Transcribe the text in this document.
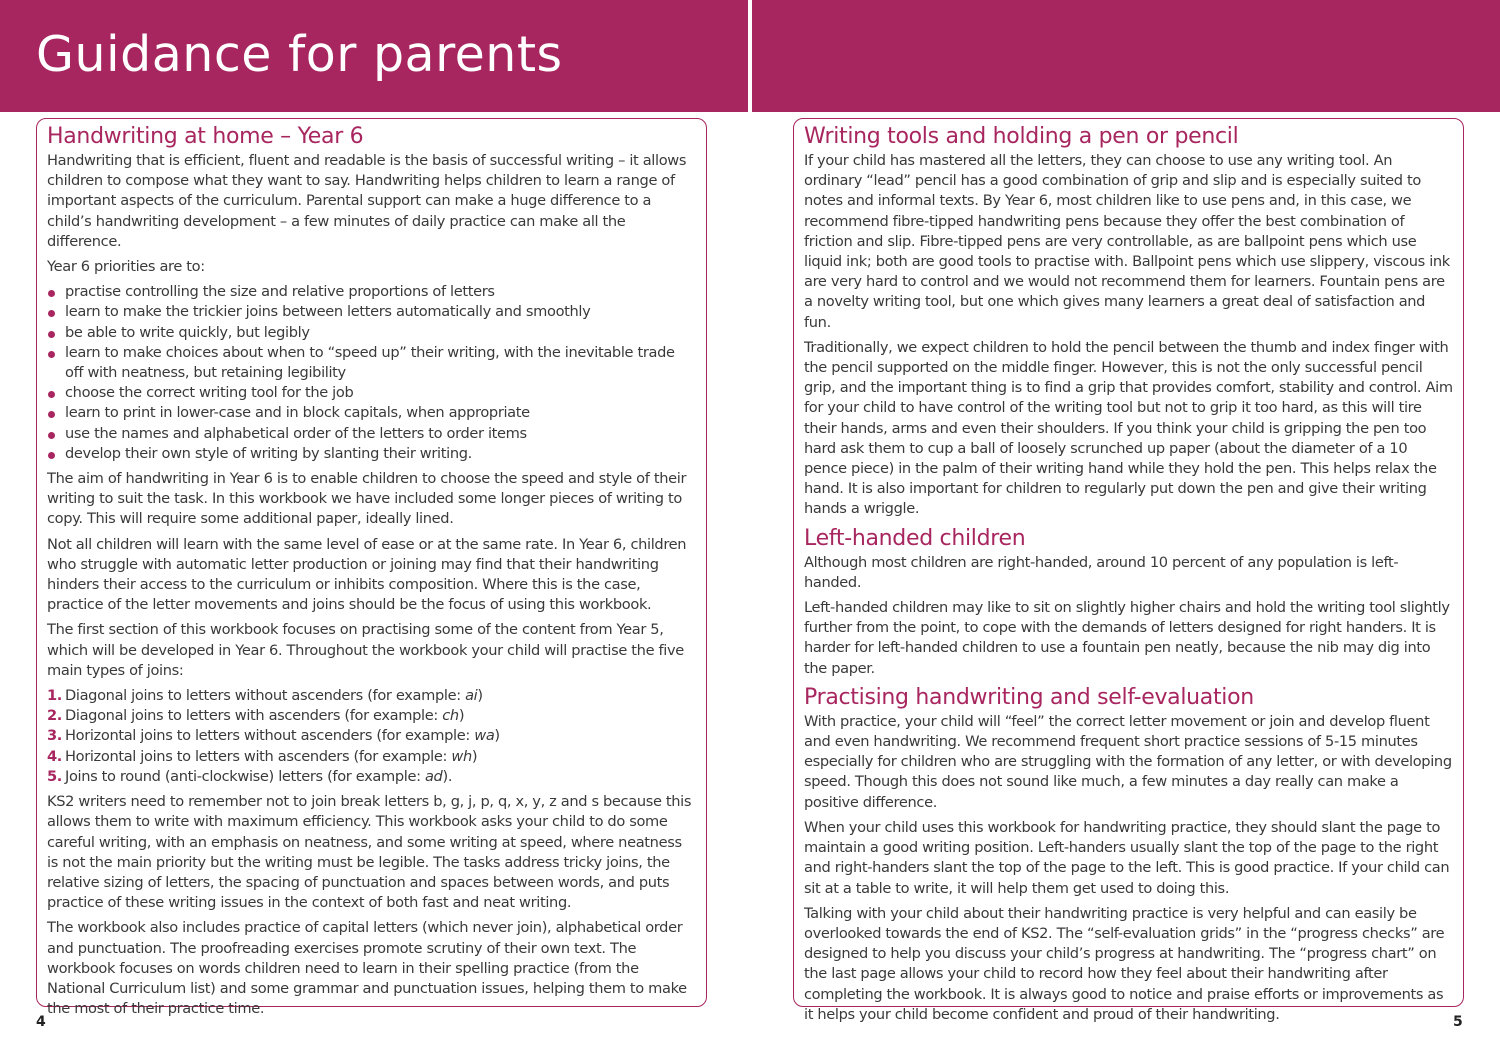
Guidance for parents
Handwriting at home – Year 6

Handwriting that is efficient, fluent and readable is the basis of successful writing – it allows children to compose what they want to say. Handwriting helps children to learn a range of important aspects of the curriculum. Parental support can make a huge difference to a child’s handwriting development – a few minutes of daily practice can make all the difference.

Year 6 priorities are to:

practise controlling the size and relative proportions of letters
learn to make the trickier joins between letters automatically and smoothly
be able to write quickly, but legibly
learn to make choices about when to “speed up” their writing, with the inevitable trade off with neatness, but retaining legibility
choose the correct writing tool for the job
learn to print in lower-case and in block capitals, when appropriate
use the names and alphabetical order of the letters to order items
develop their own style of writing by slanting their writing.

The aim of handwriting in Year 6 is to enable children to choose the speed and style of their writing to suit the task. In this workbook we have included some longer pieces of writing to copy. This will require some additional paper, ideally lined.

Not all children will learn with the same level of ease or at the same rate. In Year 6, children who struggle with automatic letter production or joining may find that their handwriting hinders their access to the curriculum or inhibits composition. Where this is the case, practice of the letter movements and joins should be the focus of using this workbook.

The first section of this workbook focuses on practising some of the content from Year 5, which will be developed in Year 6. Throughout the workbook your child will practise the five main types of joins:

1. Diagonal joins to letters without ascenders (for example: ai)
2. Diagonal joins to letters with ascenders (for example: ch)
3. Horizontal joins to letters without ascenders (for example: wa)
4. Horizontal joins to letters with ascenders (for example: wh)
5. Joins to round (anti-clockwise) letters (for example: ad).

KS2 writers need to remember not to join break letters b, g, j, p, q, x, y, z and s because this allows them to write with maximum efficiency. This workbook asks your child to do some careful writing, with an emphasis on neatness, and some writing at speed, where neatness is not the main priority but the writing must be legible. The tasks address tricky joins, the relative sizing of letters, the spacing of punctuation and spaces between words, and puts practice of these writing issues in the context of both fast and neat writing.

The workbook also includes practice of capital letters (which never join), alphabetical order and punctuation. The proofreading exercises promote scrutiny of their own text. The workbook focuses on words children need to learn in their spelling practice (from the National Curriculum list) and some grammar and punctuation issues, helping them to make the most of their practice time.

Writing tools and holding a pen or pencil

If your child has mastered all the letters, they can choose to use any writing tool. An ordinary “lead” pencil has a good combination of grip and slip and is especially suited to notes and informal texts. By Year 6, most children like to use pens and, in this case, we recommend fibre-tipped handwriting pens because they offer the best combination of friction and slip. Fibre-tipped pens are very controllable, as are ballpoint pens which use liquid ink; both are good tools to practise with. Ballpoint pens which use slippery, viscous ink are very hard to control and we would not recommend them for learners. Fountain pens are a novelty writing tool, but one which gives many learners a great deal of satisfaction and fun.

Traditionally, we expect children to hold the pencil between the thumb and index finger with the pencil supported on the middle finger. However, this is not the only successful pencil grip, and the important thing is to find a grip that provides comfort, stability and control. Aim for your child to have control of the writing tool but not to grip it too hard, as this will tire their hands, arms and even their shoulders. If you think your child is gripping the pen too hard ask them to cup a ball of loosely scrunched up paper (about the diameter of a 10 pence piece) in the palm of their writing hand while they hold the pen. This helps relax the hand. It is also important for children to regularly put down the pen and give their writing hands a wriggle.

Left-handed children

Although most children are right-handed, around 10 percent of any population is left-handed.

Left-handed children may like to sit on slightly higher chairs and hold the writing tool slightly further from the point, to cope with the demands of letters designed for right handers. It is harder for left-handed children to use a fountain pen neatly, because the nib may dig into the paper.

Practising handwriting and self-evaluation

With practice, your child will “feel” the correct letter movement or join and develop fluent and even handwriting. We recommend frequent short practice sessions of 5-15 minutes especially for children who are struggling with the formation of any letter, or with developing speed. Though this does not sound like much, a few minutes a day really can make a positive difference.

When your child uses this workbook for handwriting practice, they should slant the page to maintain a good writing position. Left-handers usually slant the top of the page to the right and right-handers slant the top of the page to the left. This is good practice. If your child can sit at a table to write, it will help them get used to doing this.

Talking with your child about their handwriting practice is very helpful and can easily be overlooked towards the end of KS2. The “self-evaluation grids” in the “progress checks” are designed to help you discuss your child’s progress at handwriting. The “progress chart” on the last page allows your child to record how they feel about their handwriting after completing the workbook. It is always good to notice and praise efforts or improvements as it helps your child become confident and proud of their handwriting.

4	5
